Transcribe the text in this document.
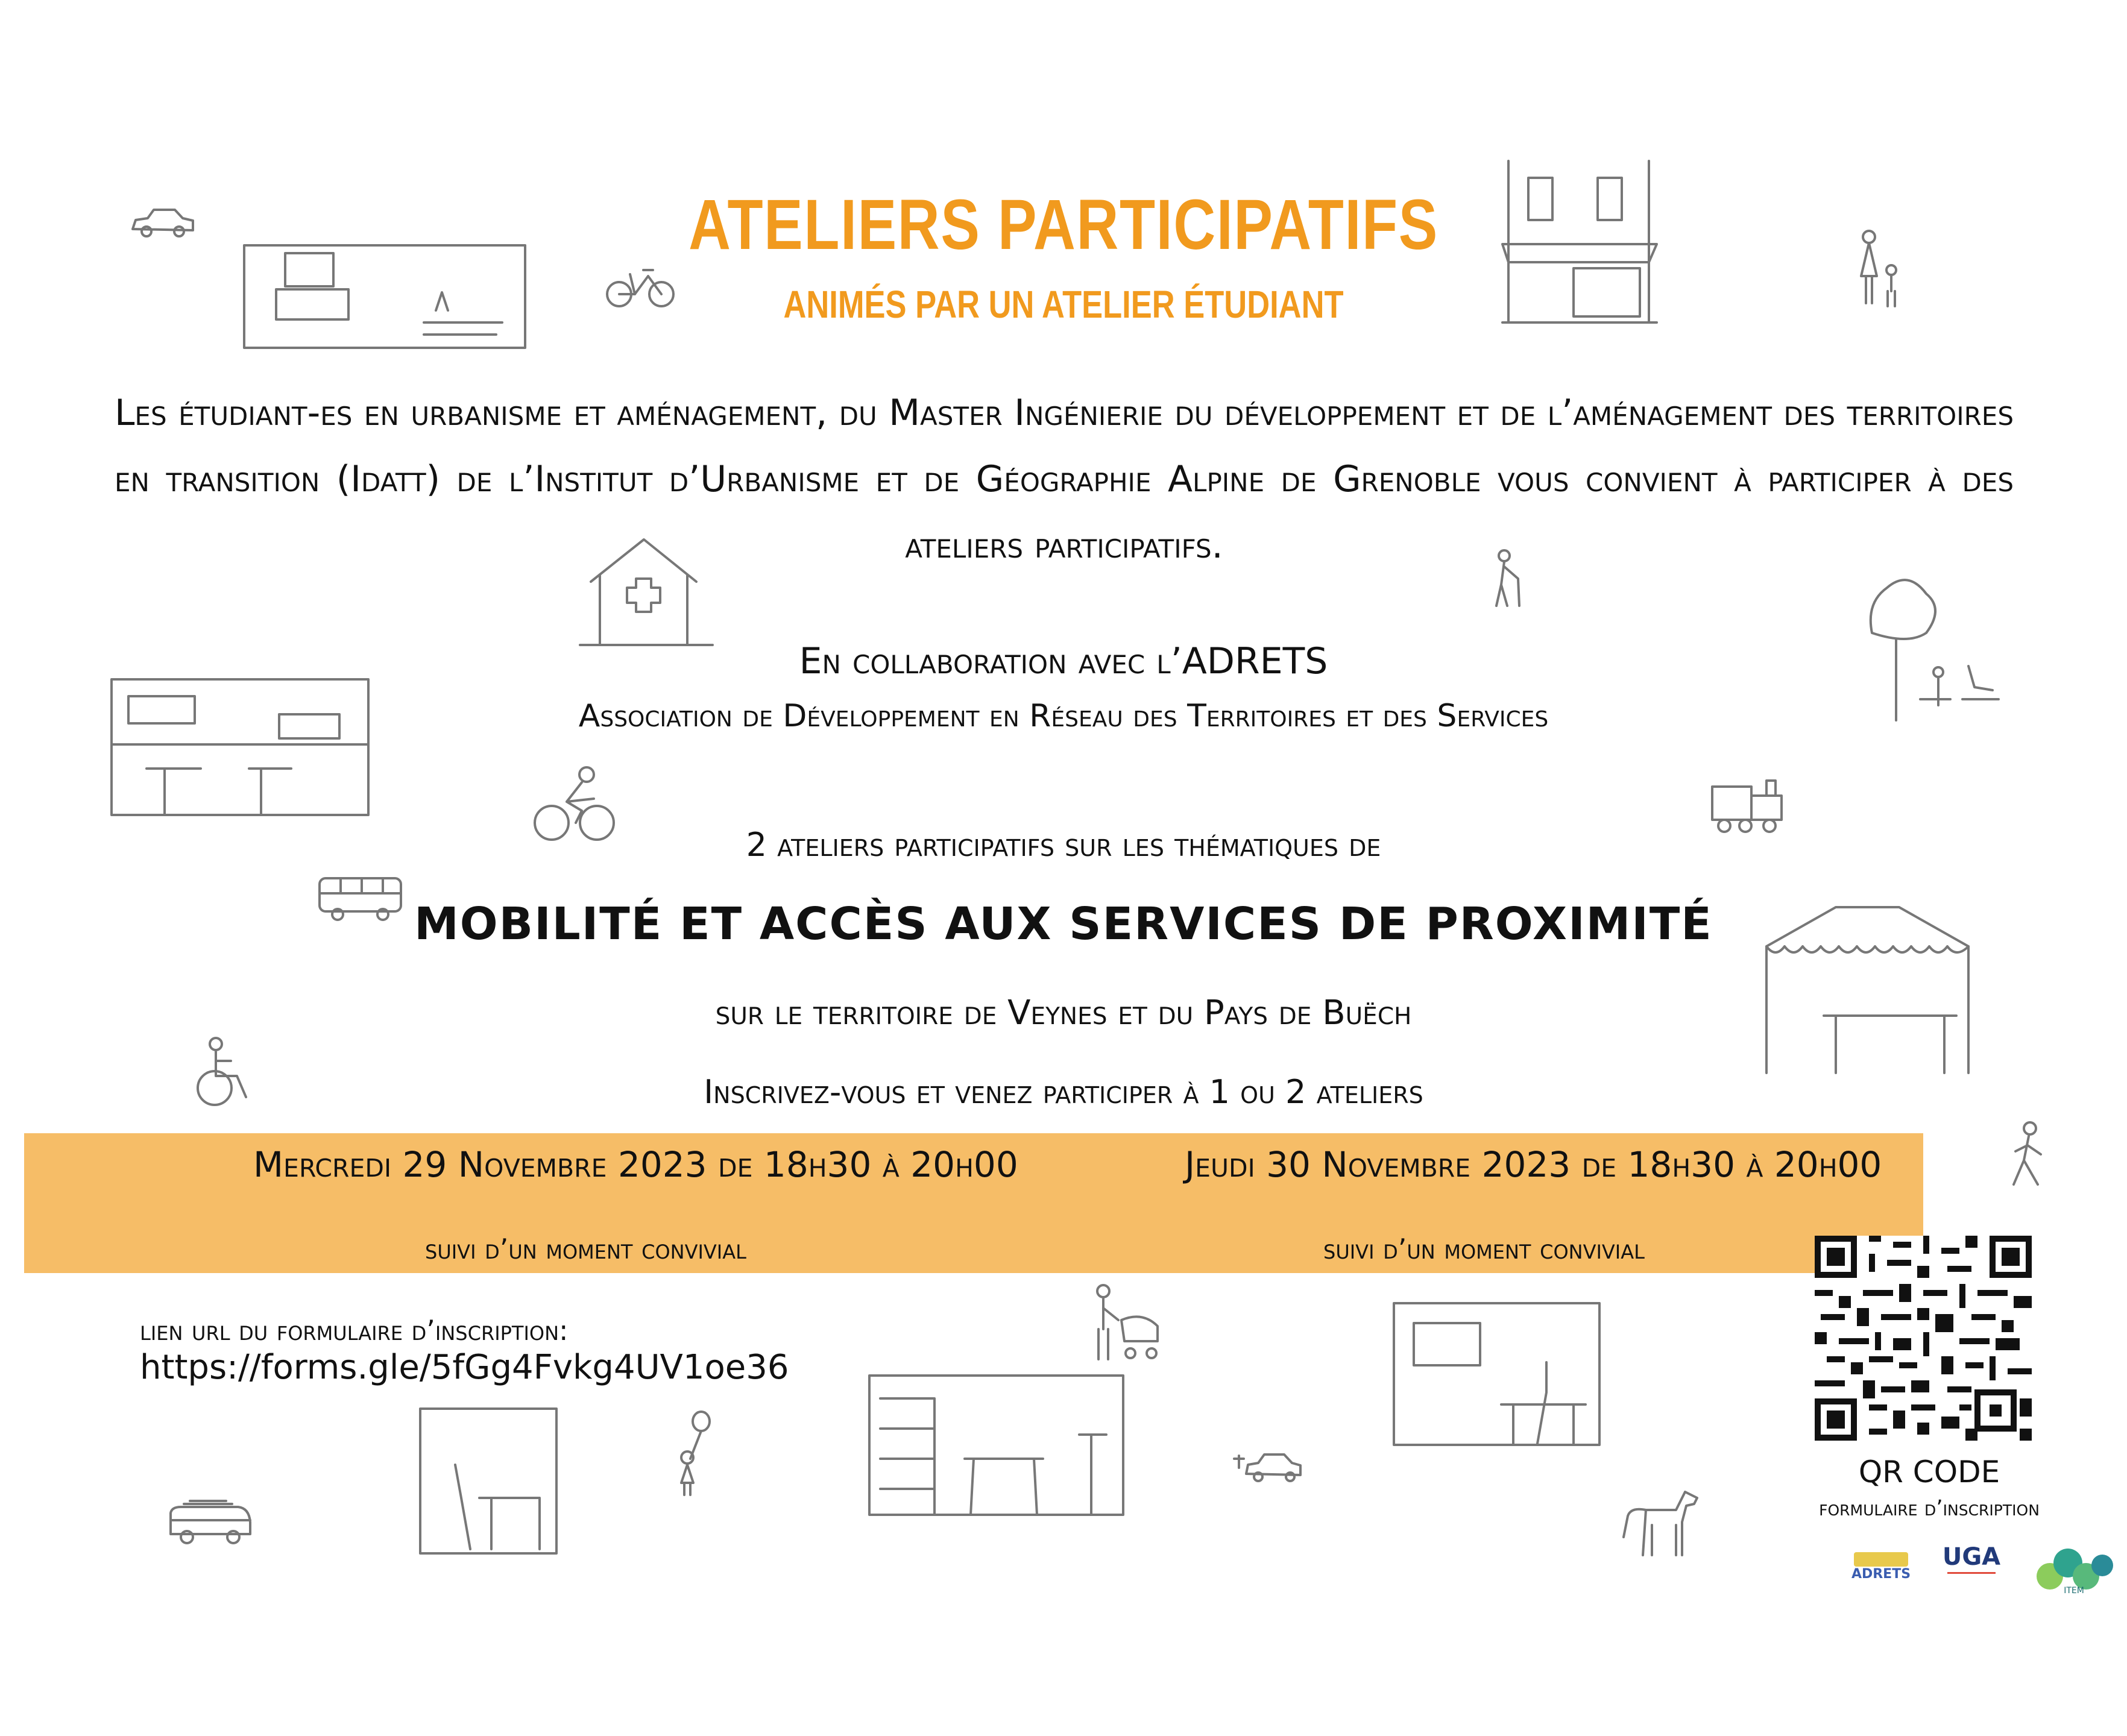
ATELIERS PARTICIPATIFS
ANIMÉS PAR UN ATELIER ÉTUDIANT
Les étudiant-es en urbanisme et aménagement, du Master Ingénierie du développement et de l’aménagement des territoires en transition (Idatt) de l’Institut d’Urbanisme et de Géographie Alpine de Grenoble vous convient à participer à des ateliers participatifs.
En collaboration avec l’ADRETS
Association de Développement en Réseau des Territoires et des Services
2 ateliers participatifs sur les thématiques de
MOBILITÉ ET ACCÈS AUX SERVICES DE PROXIMITÉ
sur le territoire de Veynes et du Pays de Buëch
Inscrivez-vous et venez participer à 1 ou 2 ateliers
Mercredi 29 Novembre 2023 de 18h30 à 20h00	Jeudi 30 Novembre 2023 de 18h30 à 20h00
suivi d’un moment convivial	suivi d’un moment convivial
lien url du formulaire d’inscription:
https://forms.gle/5fGg4Fvkg4UV1oe36
QR CODE
formulaire d’inscription
ADRETS
UGA
ITEM
